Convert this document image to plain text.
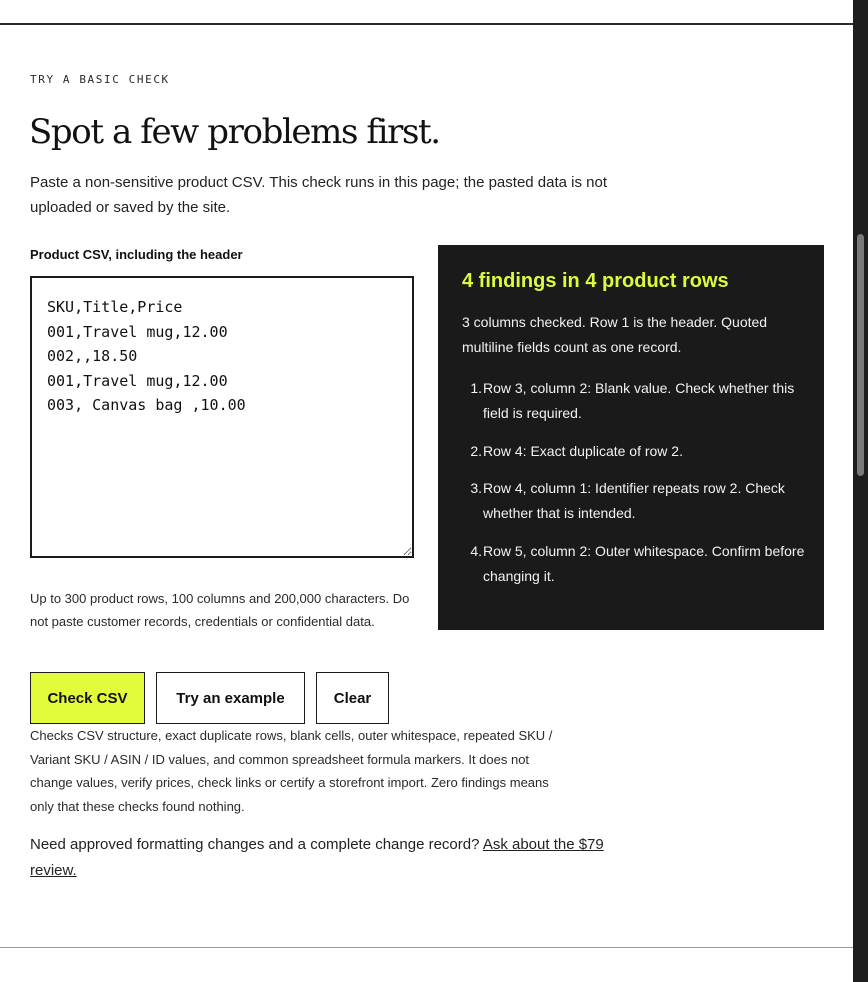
TRY A BASIC CHECK
Spot a few problems first.

Paste a non-sensitive product CSV. This check runs in this page; the pasted data is not uploaded or saved by the site.

Product CSV, including the header
SKU,Title,Price 001,Travel mug,12.00 002,,18.50 001,Travel mug,12.00 003, Canvas bag ,10.00

Up to 300 product rows, 100 columns and 200,000 characters. Do not paste customer records, credentials or confidential data.

Check CSV	Try an example	Clear

Checks CSV structure, exact duplicate rows, blank cells, outer whitespace, repeated SKU / Variant SKU / ASIN / ID values, and common spreadsheet formula markers. It does not change values, verify prices, check links or certify a storefront import. Zero findings means only that these checks found nothing.

Need approved formatting changes and a complete change record? Ask about the $79 review.

4 findings in 4 product rows

3 columns checked. Row 1 is the header. Quoted multiline fields count as one record.

1. Row 3, column 2: Blank value. Check whether this field is required.
2. Row 4: Exact duplicate of row 2.
3. Row 4, column 1: Identifier repeats row 2. Check whether that is intended.
4. Row 5, column 2: Outer whitespace. Confirm before changing it.
